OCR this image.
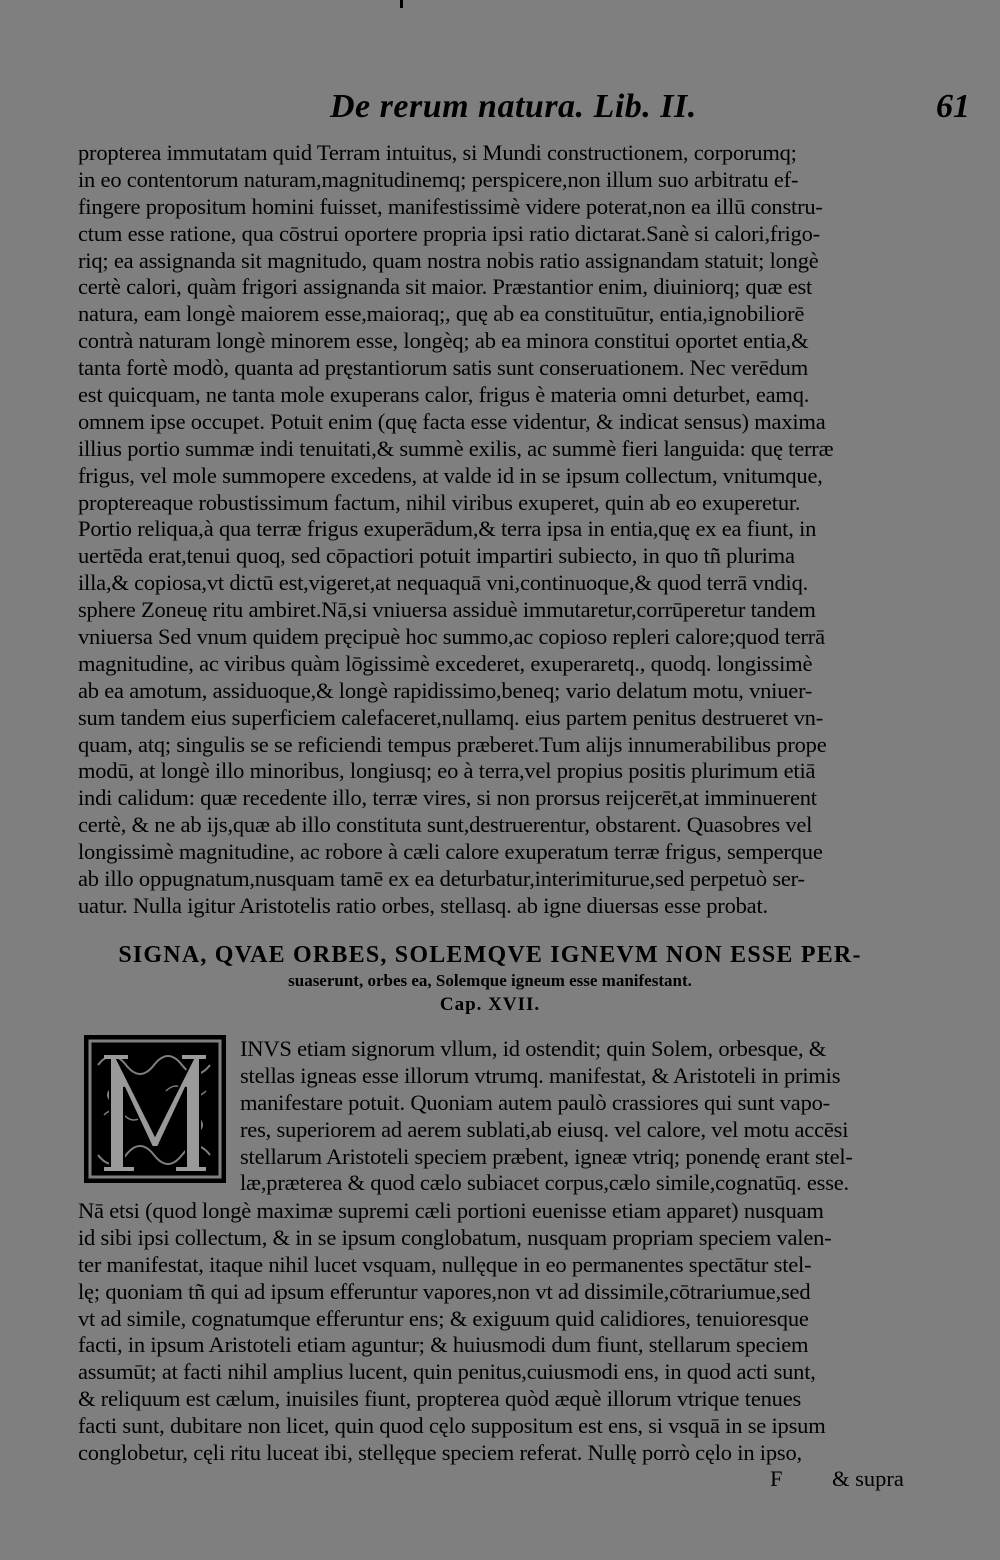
De rerum natura. Lib. II.	61
propterea immutatam quid Terram intuitus, si Mundi constructionem, corporumq;
in eo contentorum naturam,magnitudinemq; perspicere,non illum suo arbitratu ef-
fingere propositum homini fuisset, manifestissimè videre poterat,non ea illū constru-
ctum esse ratione, qua cōstrui oportere propria ipsi ratio dictarat.Sanè si calori,frigo-
riq; ea assignanda sit magnitudo, quam nostra nobis ratio assignandam statuit; longè
certè calori, quàm frigori assignanda sit maior. Præstantior enim, diuiniorq; quæ est
natura, eam longè maiorem esse,maioraq;, quę ab ea constituūtur, entia,ignobiliorē
contrà naturam longè minorem esse, longèq; ab ea minora constitui oportet entia,&
tanta fortè modò, quanta ad pręstantiorum satis sunt conseruationem. Nec verēdum
est quicquam, ne tanta mole exuperans calor, frigus è materia omni deturbet, eamq.
omnem ipse occupet. Potuit enim (quę facta esse videntur, & indicat sensus) maxima
illius portio summæ indi tenuitati,& summè exilis, ac summè fieri languida: quę terræ
frigus, vel mole summopere excedens, at valde id in se ipsum collectum, vnitumque,
proptereaque robustissimum factum, nihil viribus exuperet, quin ab eo exuperetur.
Portio reliqua,à qua terræ frigus exuperādum,& terra ipsa in entia,quę ex ea fiunt, in
uertēda erat,tenui quoq, sed cōpactiori potuit impartiri subiecto, in quo tñ plurima
illa,& copiosa,vt dictū est,vigeret,at nequaquā vni,continuoque,& quod terrā vndiq.
sphere Zoneuę ritu ambiret.Nā,si vniuersa assiduè immutaretur,corrūperetur tandem
vniuersa Sed vnum quidem pręcipuè hoc summo,ac copioso repleri calore;quod terrā
magnitudine, ac viribus quàm lōgissimè excederet, exuperaretq., quodq. longissimè
ab ea amotum, assiduoque,& longè rapidissimo,beneq; vario delatum motu, vniuer-
sum tandem eius superficiem calefaceret,nullamq. eius partem penitus destrueret vn-
quam, atq; singulis se se reficiendi tempus præberet.Tum alijs innumerabilibus prope
modū, at longè illo minoribus, longiusq; eo à terra,vel propius positis plurimum etiā
indi calidum: quæ recedente illo, terræ vires, si non prorsus reijcerēt,at imminuerent
certè, & ne ab ijs,quæ ab illo constituta sunt,destruerentur, obstarent. Quasobres vel
longissimè magnitudine, ac robore à cæli calore exuperatum terræ frigus, semperque
ab illo oppugnatum,nusquam tamē ex ea deturbatur,interimiturue,sed perpetuò ser-
uatur. Nulla igitur Aristotelis ratio orbes, stellasq. ab igne diuersas esse probat.
SIGNA, QVAE ORBES, SOLEMQVE IGNEVM NON ESSE PER-
suaserunt, orbes ea, Solemque igneum esse manifestant.
Cap. XVII.
INVS etiam signorum vllum, id ostendit; quin Solem, orbesque, &
stellas igneas esse illorum vtrumq. manifestat, & Aristoteli in primis
manifestare potuit. Quoniam autem paulò crassiores qui sunt vapo-
res, superiorem ad aerem sublati,ab eiusq. vel calore, vel motu accēsi
stellarum Aristoteli speciem præbent, igneæ vtriq; ponendę erant stel-
læ,præterea & quod cælo subiacet corpus,cælo simile,cognatūq. esse.
Nā etsi (quod longè maximæ supremi cæli portioni euenisse etiam apparet) nusquam
id sibi ipsi collectum, & in se ipsum conglobatum, nusquam propriam speciem valen-
ter manifestat, itaque nihil lucet vsquam, nullęque in eo permanentes spectātur stel-
lę; quoniam tñ qui ad ipsum efferuntur vapores,non vt ad dissimile,cōtrariumue,sed
vt ad simile, cognatumque efferuntur ens; & exiguum quid calidiores, tenuioresque
facti, in ipsum Aristoteli etiam aguntur; & huiusmodi dum fiunt, stellarum speciem
assumūt; at facti nihil amplius lucent, quin penitus,cuiusmodi ens, in quod acti sunt,
& reliquum est cælum, inuisiles fiunt, propterea quòd æquè illorum vtrique tenues
facti sunt, dubitare non licet, quin quod cęlo suppositum est ens, si vsquā in se ipsum
conglobetur, cęli ritu luceat ibi, stellęque speciem referat. Nullę porrò cęlo in ipso,
F & supra
